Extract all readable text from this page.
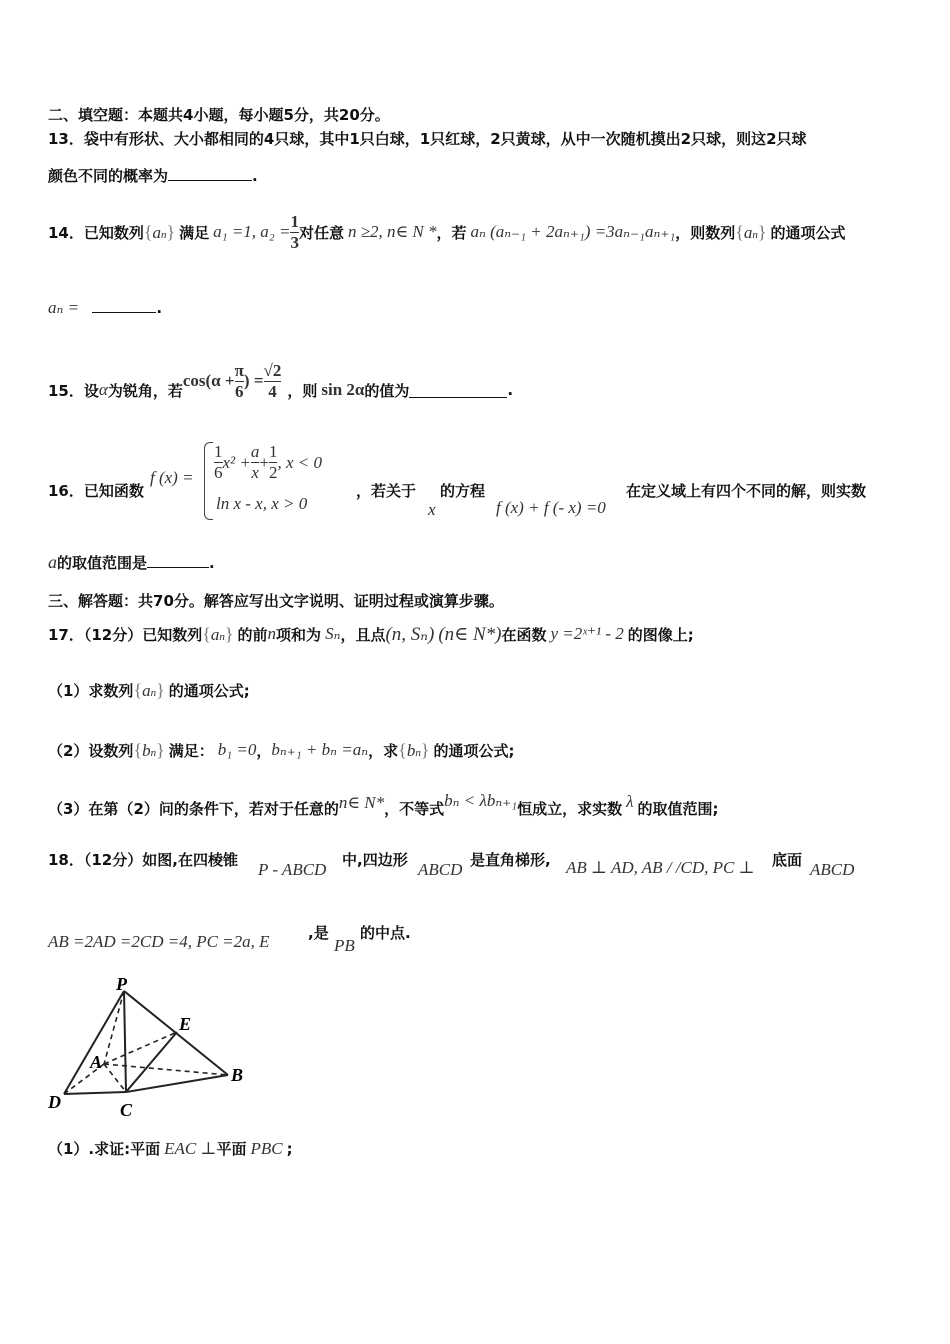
二、填空题：本题共4小题，每小题5分，共20分。
13．袋中有形状、大小都相同的4只球，其中1只白球，1只红球，2只黄球，从中一次随机摸出2只球，则这2只球
颜色不同的概率为	.
14．已知数列 {an} 满足 a₁ =1, $a_2 = \frac{1}{3}$ 对任意 n ≥2, n∈ N * ，若 aₙ (aₙ₋₁ + 2aₙ₊₁) =3aₙ₋₁aₙ₊₁ ，则数列 {an} 的通项公式
aₙ =	.
15．设 α 为锐角，若
$\cos(\alpha + \frac{\pi}{6}$ ) = $\frac{√2}{4}$ ，则 sin 2α 的值为	.
16．已知函数
f $(x) = \frac{1}{6} x^2 + \frac{a}{x} + \frac{1}{2}$ , x < 0
ln x - x, x > 0
，若关于
x
的方程
f (x) + f (- x) =0
在定义域上有四个不同的解，则实数
a的取值范围是	.
三、解答题：共70分。解答应写出文字说明、证明过程或演算步骤。
17．（12分）已知数列 {an} 的前 n 项和为 Sₙ ，且点 (n, Sₙ) (n∈ N*) 在函数 y =2ˣ⁺¹ - 2 的图像上;
（1）求数列 {an} 的通项公式;
（2）设数列 {bn} 满足： b₁ =0 ， bₙ₊₁ + bₙ =aₙ ，求 {bn} 的通项公式;
（3）在第（2）问的条件下，若对于任意的 n∈ N* ，不等式 bₙ < λbₙ₊₁ 恒成立，求实数 λ 的取值范围;
18．（12分）如图,在四棱锥 P - ABCD 中,四边形 ABCD 是直角梯形, AB ⊥ AD, AB / /CD, PC ⊥ 底面 ABCD
AB =2AD =2CD =4, PC =2a, E	,是
PB
的中点.
P
E
A
B
D	C
（1）.求证:平面 EAC ⊥ 平面 PBC ;
